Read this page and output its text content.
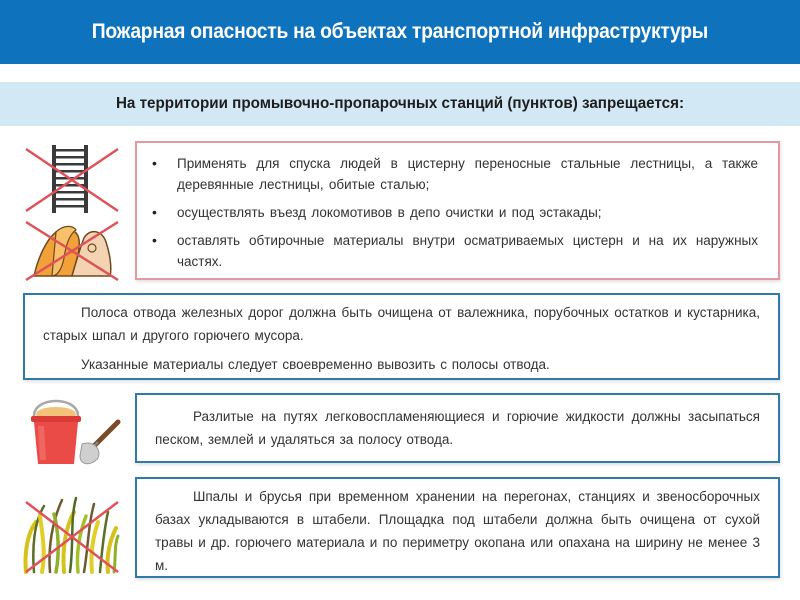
Пожарная опасность на объектах транспортной инфраструктуры
На территории промывочно-пропарочных станций (пунктов) запрещается:
• Применять для спуска людей в цистерну переносные стальные лестницы, а также деревянные лестницы, обитые сталью;
• осуществлять въезд локомотивов в депо очистки и под эстакады;
• оставлять обтирочные материалы внутри осматриваемых цистерн и на их наружных частях.

Полоса отвода железных дорог должна быть очищена от валежника, порубочных остатков и кустарника, старых шпал и другого горючего мусора.

Указанные материалы следует своевременно вывозить с полосы отвода.

Разлитые на путях легковоспламеняющиеся и горючие жидкости должны засыпаться песком, землей и удаляться за полосу отвода.

Шпалы и брусья при временном хранении на перегонах, станциях и звеносборочных базах укладываются в штабели. Площадка под штабели должна быть очищена от сухой травы и др. горючего материала и по периметру окопана или опахана на ширину не менее 3 м.
